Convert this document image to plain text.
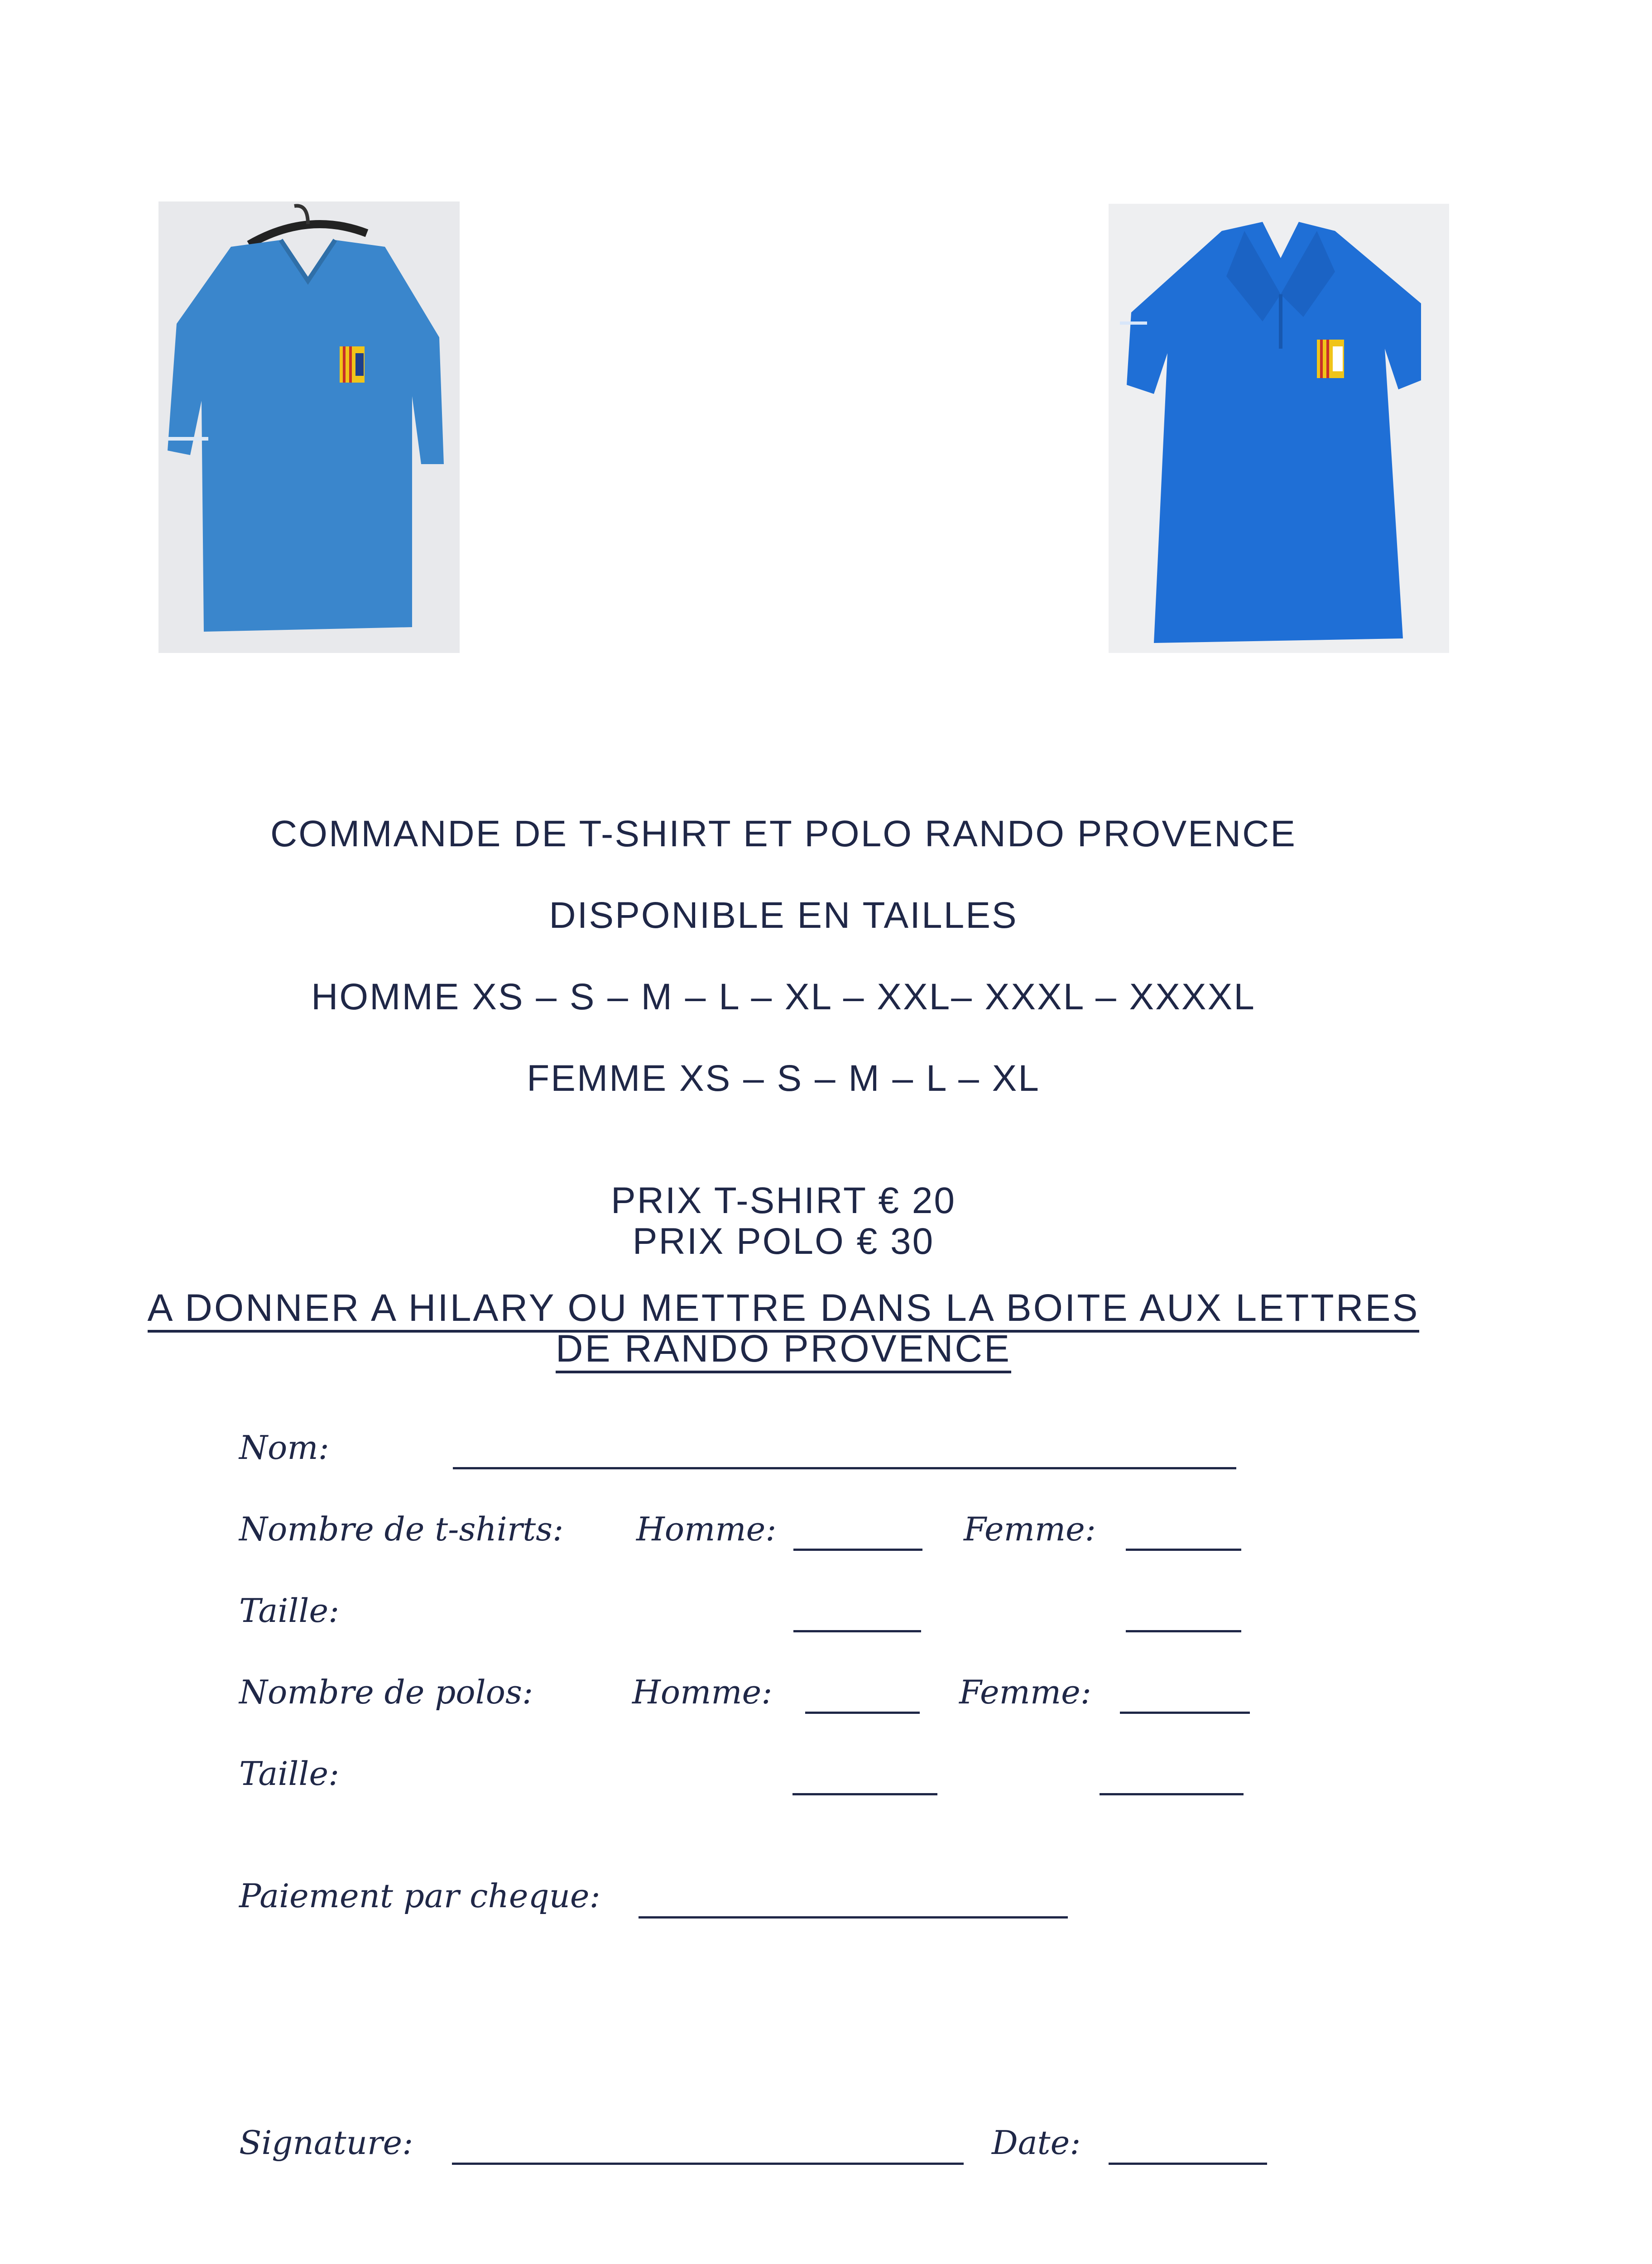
COMMANDE DE T-SHIRT ET POLO RANDO PROVENCE
DISPONIBLE EN TAILLES
HOMME XS – S – M – L – XL – XXL– XXXL – XXXXL
FEMME XS – S – M – L – XL
PRIX T-SHIRT € 20
PRIX POLO € 30
A DONNER A HILARY OU METTRE DANS LA BOITE AUX LETTRES
DE RANDO PROVENCE
Nom:
Nombre de t-shirts: Homme:	Femme:
Taille:
Nombre de polos:	Homme:	Femme:
Taille:
Paiement par cheque:
Signature:	Date:
